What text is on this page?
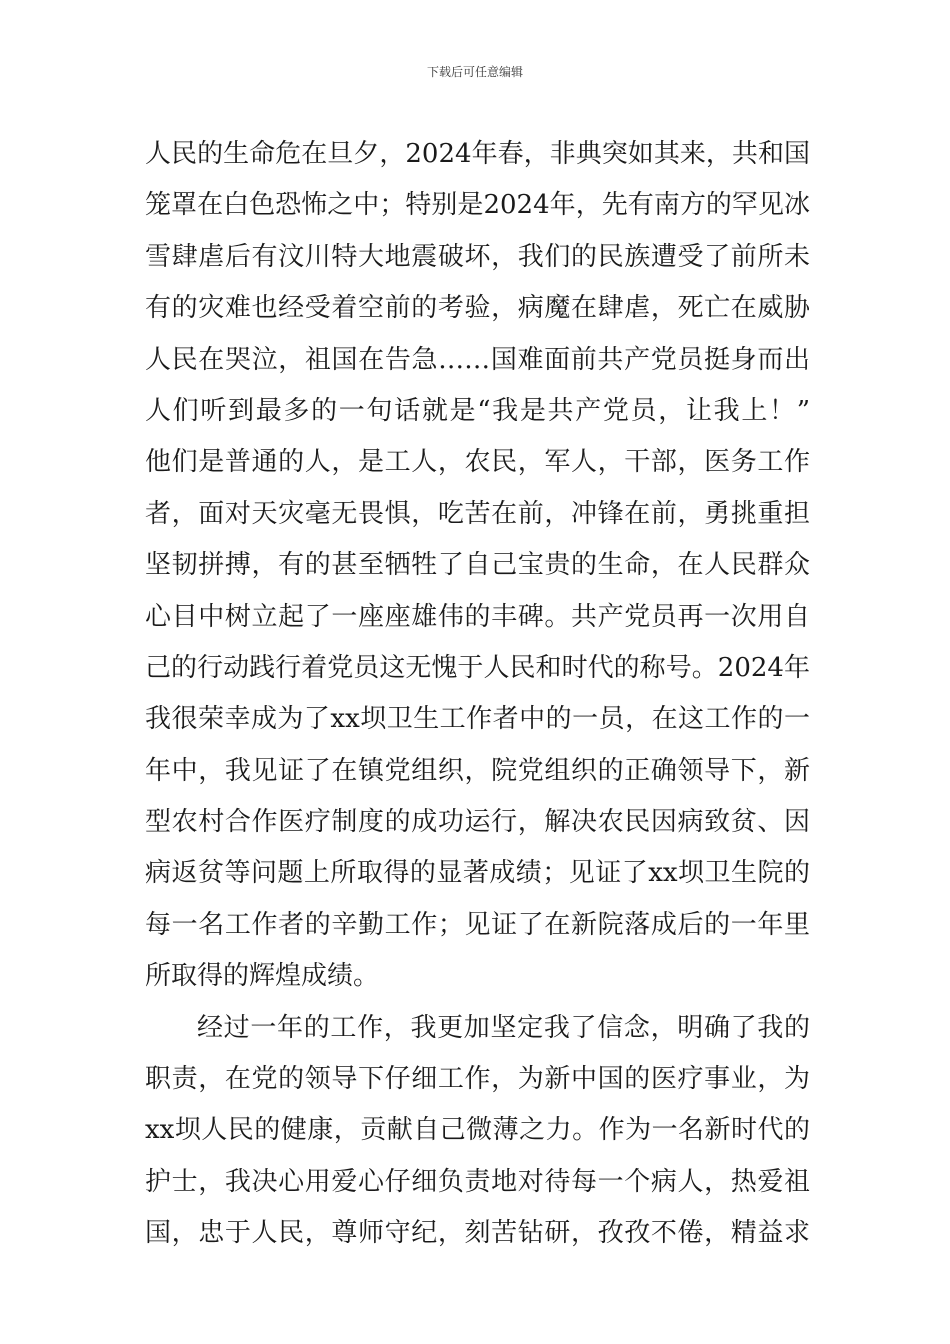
下载后可任意编辑
人民的生命危在旦夕，2024年春，非典突如其来，共和国
笼罩在白色恐怖之中；特别是2024年，先有南方的罕见冰
雪肆虐后有汶川特大地震破坏，我们的民族遭受了前所未
有的灾难也经受着空前的考验，病魔在肆虐，死亡在威胁
人民在哭泣，祖国在告急……国难面前共产党员挺身而出
人们听到最多的一句话就是“我是共产党员，让我上！”
他们是普通的人，是工人，农民，军人，干部，医务工作
者，面对天灾毫无畏惧，吃苦在前，冲锋在前，勇挑重担
坚韧拼搏，有的甚至牺牲了自己宝贵的生命，在人民群众
心目中树立起了一座座雄伟的丰碑。共产党员再一次用自
己的行动践行着党员这无愧于人民和时代的称号。2024年
我很荣幸成为了xx坝卫生工作者中的一员，在这工作的一
年中，我见证了在镇党组织，院党组织的正确领导下，新
型农村合作医疗制度的成功运行，解决农民因病致贫、因
病返贫等问题上所取得的显著成绩；见证了xx坝卫生院的
每一名工作者的辛勤工作；见证了在新院落成后的一年里
所取得的辉煌成绩。
经过一年的工作，我更加坚定我了信念，明确了我的
职责，在党的领导下仔细工作，为新中国的医疗事业，为
xx坝人民的健康，贡献自己微薄之力。作为一名新时代的
护士，我决心用爱心仔细负责地对待每一个病人，热爱祖
国，忠于人民，尊师守纪，刻苦钻研，孜孜不倦，精益求
